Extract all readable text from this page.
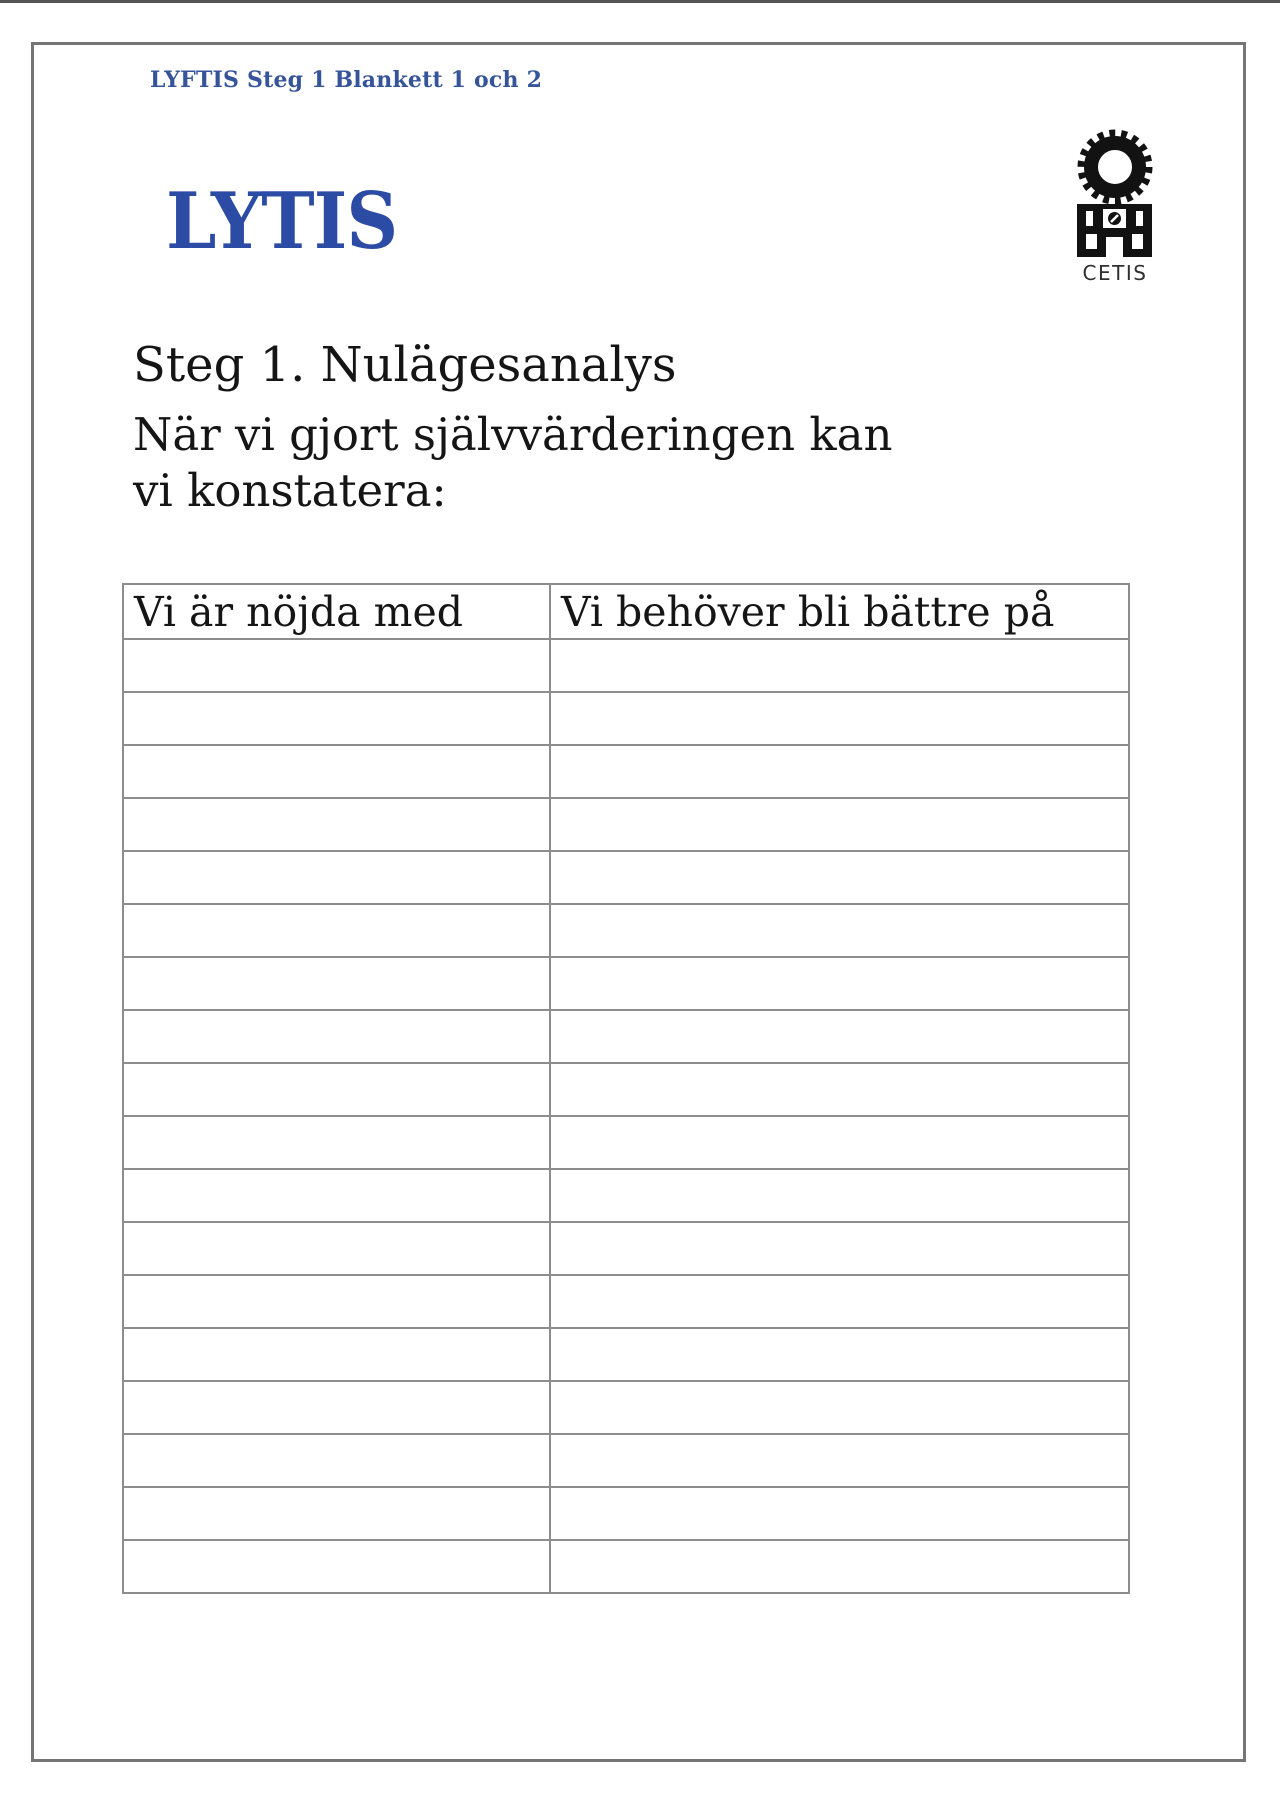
LYFTIS Steg 1 Blankett 1 och 2
LYTIS
CETIS
Steg 1. Nulägesanalys
När vi gjort självvärderingen kan
vi konstatera:
Vi är nöjda med	Vi behöver bli bättre på
